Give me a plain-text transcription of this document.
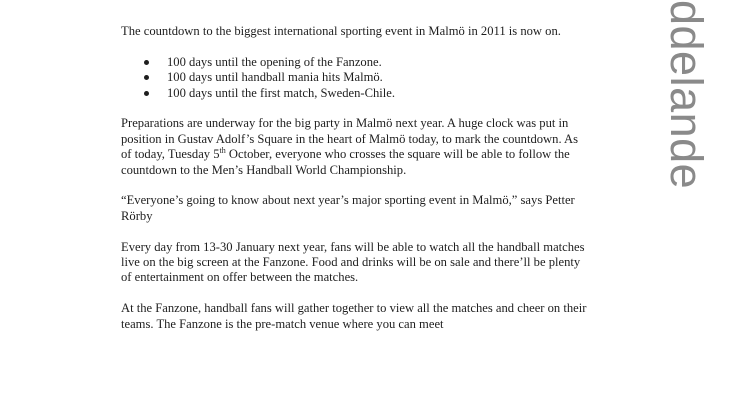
The countdown to the biggest international sporting event in Malmö in 2011 is now on.

100 days until the opening of the Fanzone.
100 days until handball mania hits Malmö.
100 days until the first match, Sweden-Chile.

Preparations are underway for the big party in Malmö next year. A huge clock was put in position in Gustav Adolf’s Square in the heart of Malmö today, to mark the countdown. As of today, Tuesday 5th October, everyone who crosses the square will be able to follow the countdown to the Men’s Handball World Championship.

“Everyone’s going to know about next year’s major sporting event in Malmö,” says Petter Rörby

Every day from 13-30 January next year, fans will be able to watch all the handball matches live on the big screen at the Fanzone. Food and drinks will be on sale and there’ll be plenty of entertainment on offer between the matches.

At the Fanzone, handball fans will gather together to view all the matches and cheer on their teams. The Fanzone is the pre-match venue where you can meet

ddelande
